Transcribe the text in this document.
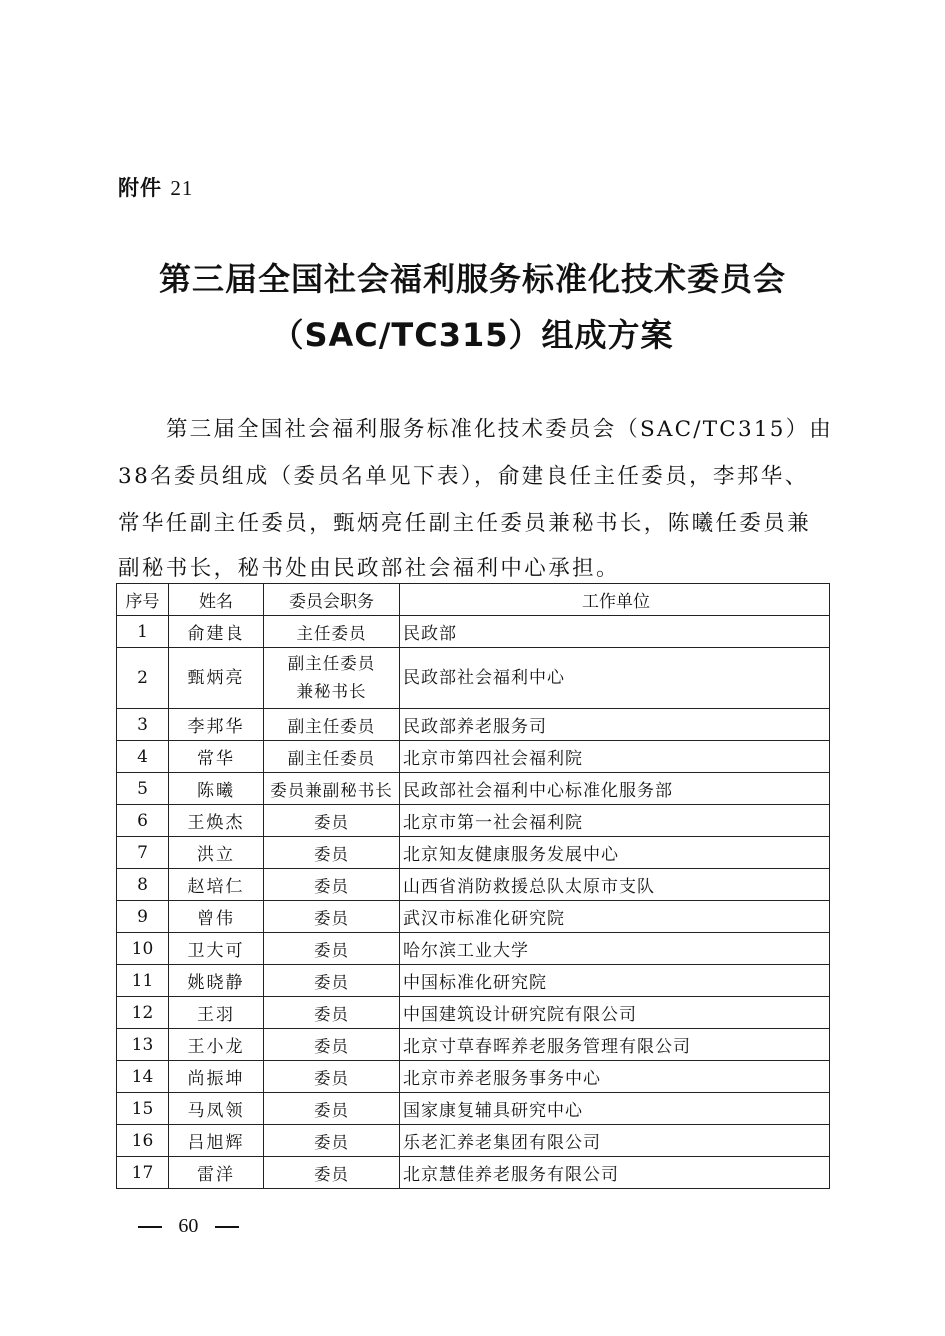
附件 21
第三届全国社会福利服务标准化技术委员会
（SAC/TC315）组成方案
第三届全国社会福利服务标准化技术委员会（SAC/TC315）由
38名委员组成（委员名单见下表），俞建良任主任委员，李邦华、
常华任副主任委员，甄炳亮任副主任委员兼秘书长，陈曦任委员兼
副秘书长，秘书处由民政部社会福利中心承担。
序号	姓名	委员会职务	工作单位
1	俞建良	主任委员	民政部
2	甄炳亮	副主任委员
兼秘书长	民政部社会福利中心
3	李邦华	副主任委员	民政部养老服务司
4	常华	副主任委员	北京市第四社会福利院
5	陈曦	委员兼副秘书长	民政部社会福利中心标准化服务部
6	王焕杰	委员	北京市第一社会福利院
7	洪立	委员	北京知友健康服务发展中心
8	赵培仁	委员	山西省消防救援总队太原市支队
9	曾伟	委员	武汉市标准化研究院
10	卫大可	委员	哈尔滨工业大学
11	姚晓静	委员	中国标准化研究院
12	王羽	委员	中国建筑设计研究院有限公司
13	王小龙	委员	北京寸草春晖养老服务管理有限公司
14	尚振坤	委员	北京市养老服务事务中心
15	马凤领	委员	国家康复辅具研究中心
16	吕旭辉	委员	乐老汇养老集团有限公司
17	雷洋	委员	北京慧佳养老服务有限公司
60
